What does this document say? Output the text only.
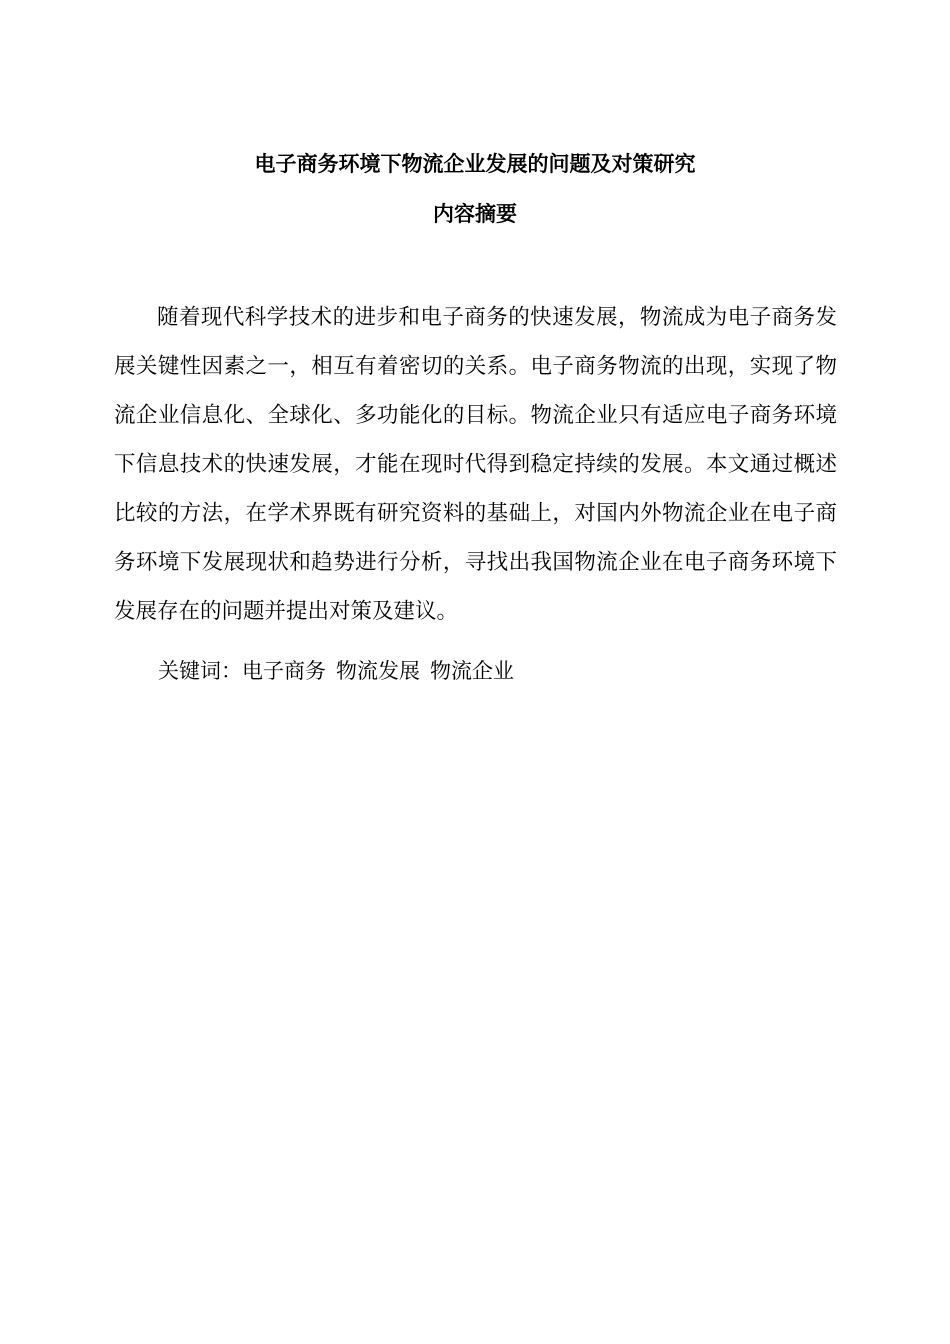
电子商务环境下物流企业发展的问题及对策研究
内容摘要

随着现代科学技术的进步和电子商务的快速发展，物流成为电子商务发展关键性因素之一，相互有着密切的关系。电子商务物流的出现，实现了物流企业信息化、全球化、多功能化的目标。物流企业只有适应电子商务环境下信息技术的快速发展，才能在现时代得到稳定持续的发展。本文通过概述比较的方法，在学术界既有研究资料的基础上，对国内外物流企业在电子商务环境下发展现状和趋势进行分析，寻找出我国物流企业在电子商务环境下发展存在的问题并提出对策及建议。

关键词：电子商务 物流发展 物流企业
